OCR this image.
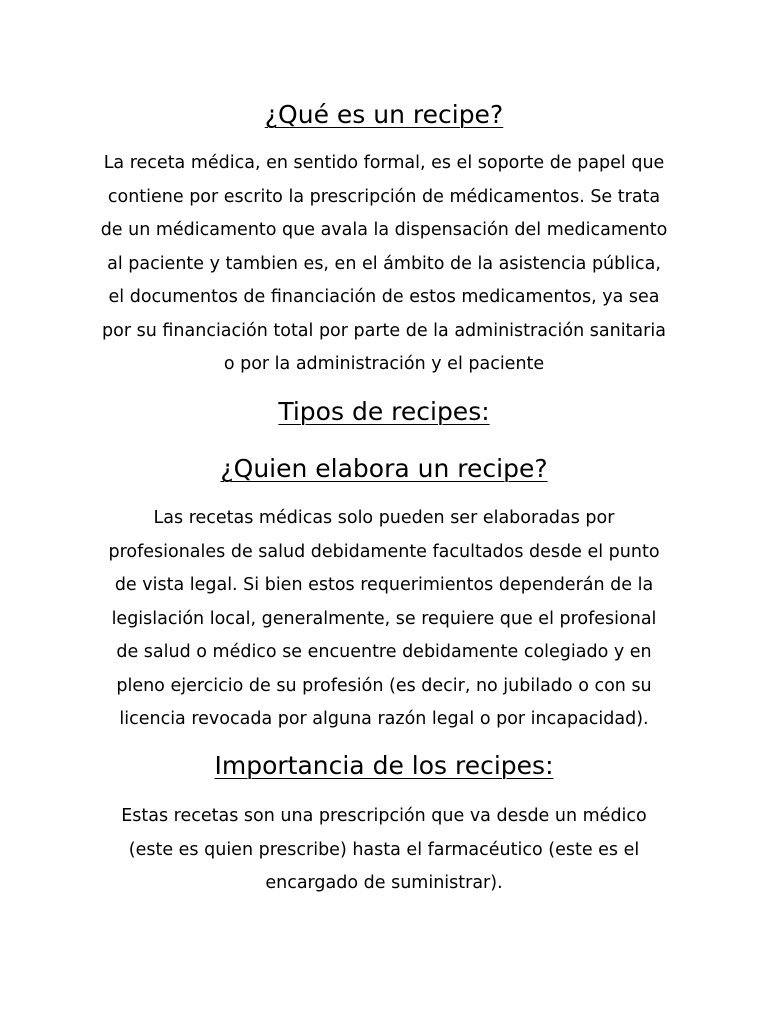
¿Qué es un recipe?
La receta médica, en sentido formal, es el soporte de papel que
contiene por escrito la prescripción de médicamentos. Se trata
de un médicamento que avala la dispensación del medicamento
al paciente y tambien es, en el ámbito de la asistencia pública,
el documentos de financiación de estos medicamentos, ya sea
por su financiación total por parte de la administración sanitaria
o por la administración y el paciente
Tipos de recipes:
¿Quien elabora un recipe?
Las recetas médicas solo pueden ser elaboradas por
profesionales de salud debidamente facultados desde el punto
de vista legal. Si bien estos requerimientos dependerán de la
legislación local, generalmente, se requiere que el profesional
de salud o médico se encuentre debidamente colegiado y en
pleno ejercicio de su profesión (es decir, no jubilado o con su
licencia revocada por alguna razón legal o por incapacidad).
Importancia de los recipes:
Estas recetas son una prescripción que va desde un médico
(este es quien prescribe) hasta el farmacéutico (este es el
encargado de suministrar).
